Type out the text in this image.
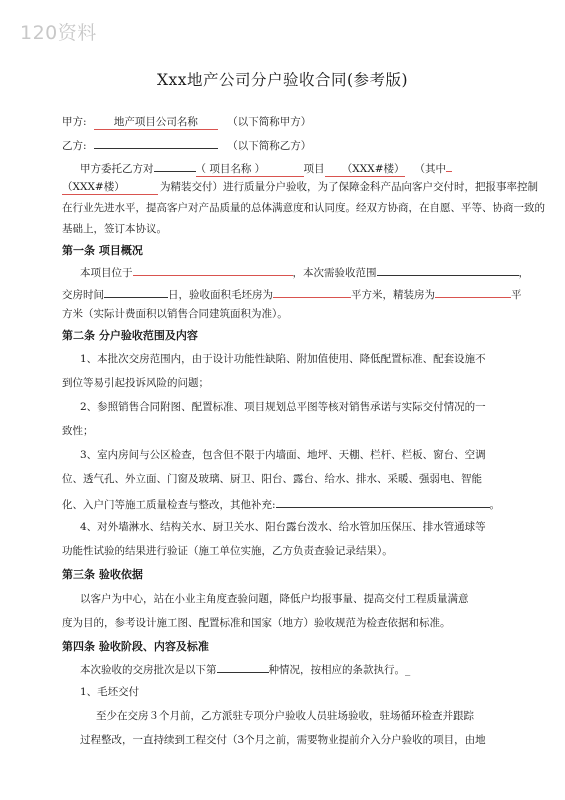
120资料
Xxx地产公司分户验收合同(参考版)
甲方:	地产项目公司名称	（以下简称甲方）
乙方:	（以下简称乙方）
甲方委托乙方对	（ 项目名称 ）	项目 （XXX#楼） （其中
（XXX#楼）	为精装交付）进行质量分户验收，为了保障金科产品向客户交付时，把报事率控制
在行业先进水平，提高客户对产品质量的总体满意度和认同度。经双方协商，在自愿、平等、协商一致的
基础上，签订本协议。
第一条 项目概况
本项目位于	，本次需验收范围	，
交房时间	日，验收面积毛坯房为	平方米，精装房为	平
方米（实际计费面积以销售合同建筑面积为准）。
第二条 分户验收范围及内容
1、本批次交房范围内，由于设计功能性缺陷、附加值使用、降低配置标准、配套设施不
到位等易引起投诉风险的问题；
2、参照销售合同附图、配置标准、项目规划总平图等核对销售承诺与实际交付情况的一
致性；
3、室内房间与公区检查，包含但不限于内墙面、地坪、天棚、栏杆、栏板、窗台、空调
位、透气孔、外立面、门窗及玻璃、厨卫、阳台、露台、给水、排水、采暖、强弱电、智能
化、入户门等施工质量检查与整改，其他补充:	。
4、对外墙淋水、结构关水、厨卫关水、阳台露台泼水、给水管加压保压、排水管通球等
功能性试验的结果进行验证（施工单位实施，乙方负责查验记录结果）。
第三条 验收依据
以客户为中心，站在小业主角度查验问题，降低户均报事量、提高交付工程质量满意
度为目的，参考设计施工图、配置标准和国家（地方）验收规范为检查依据和标准。
第四条 验收阶段、内容及标准
本次验收的交房批次是以下第	种情况，按相应的条款执行。_
1、毛坯交付
至少在交房３个月前，乙方派驻专项分户验收人员驻场验收，驻场循环检查并跟踪
过程整改，一直持续到工程交付（3个月之前，需要物业提前介入分户验收的项目，由地
